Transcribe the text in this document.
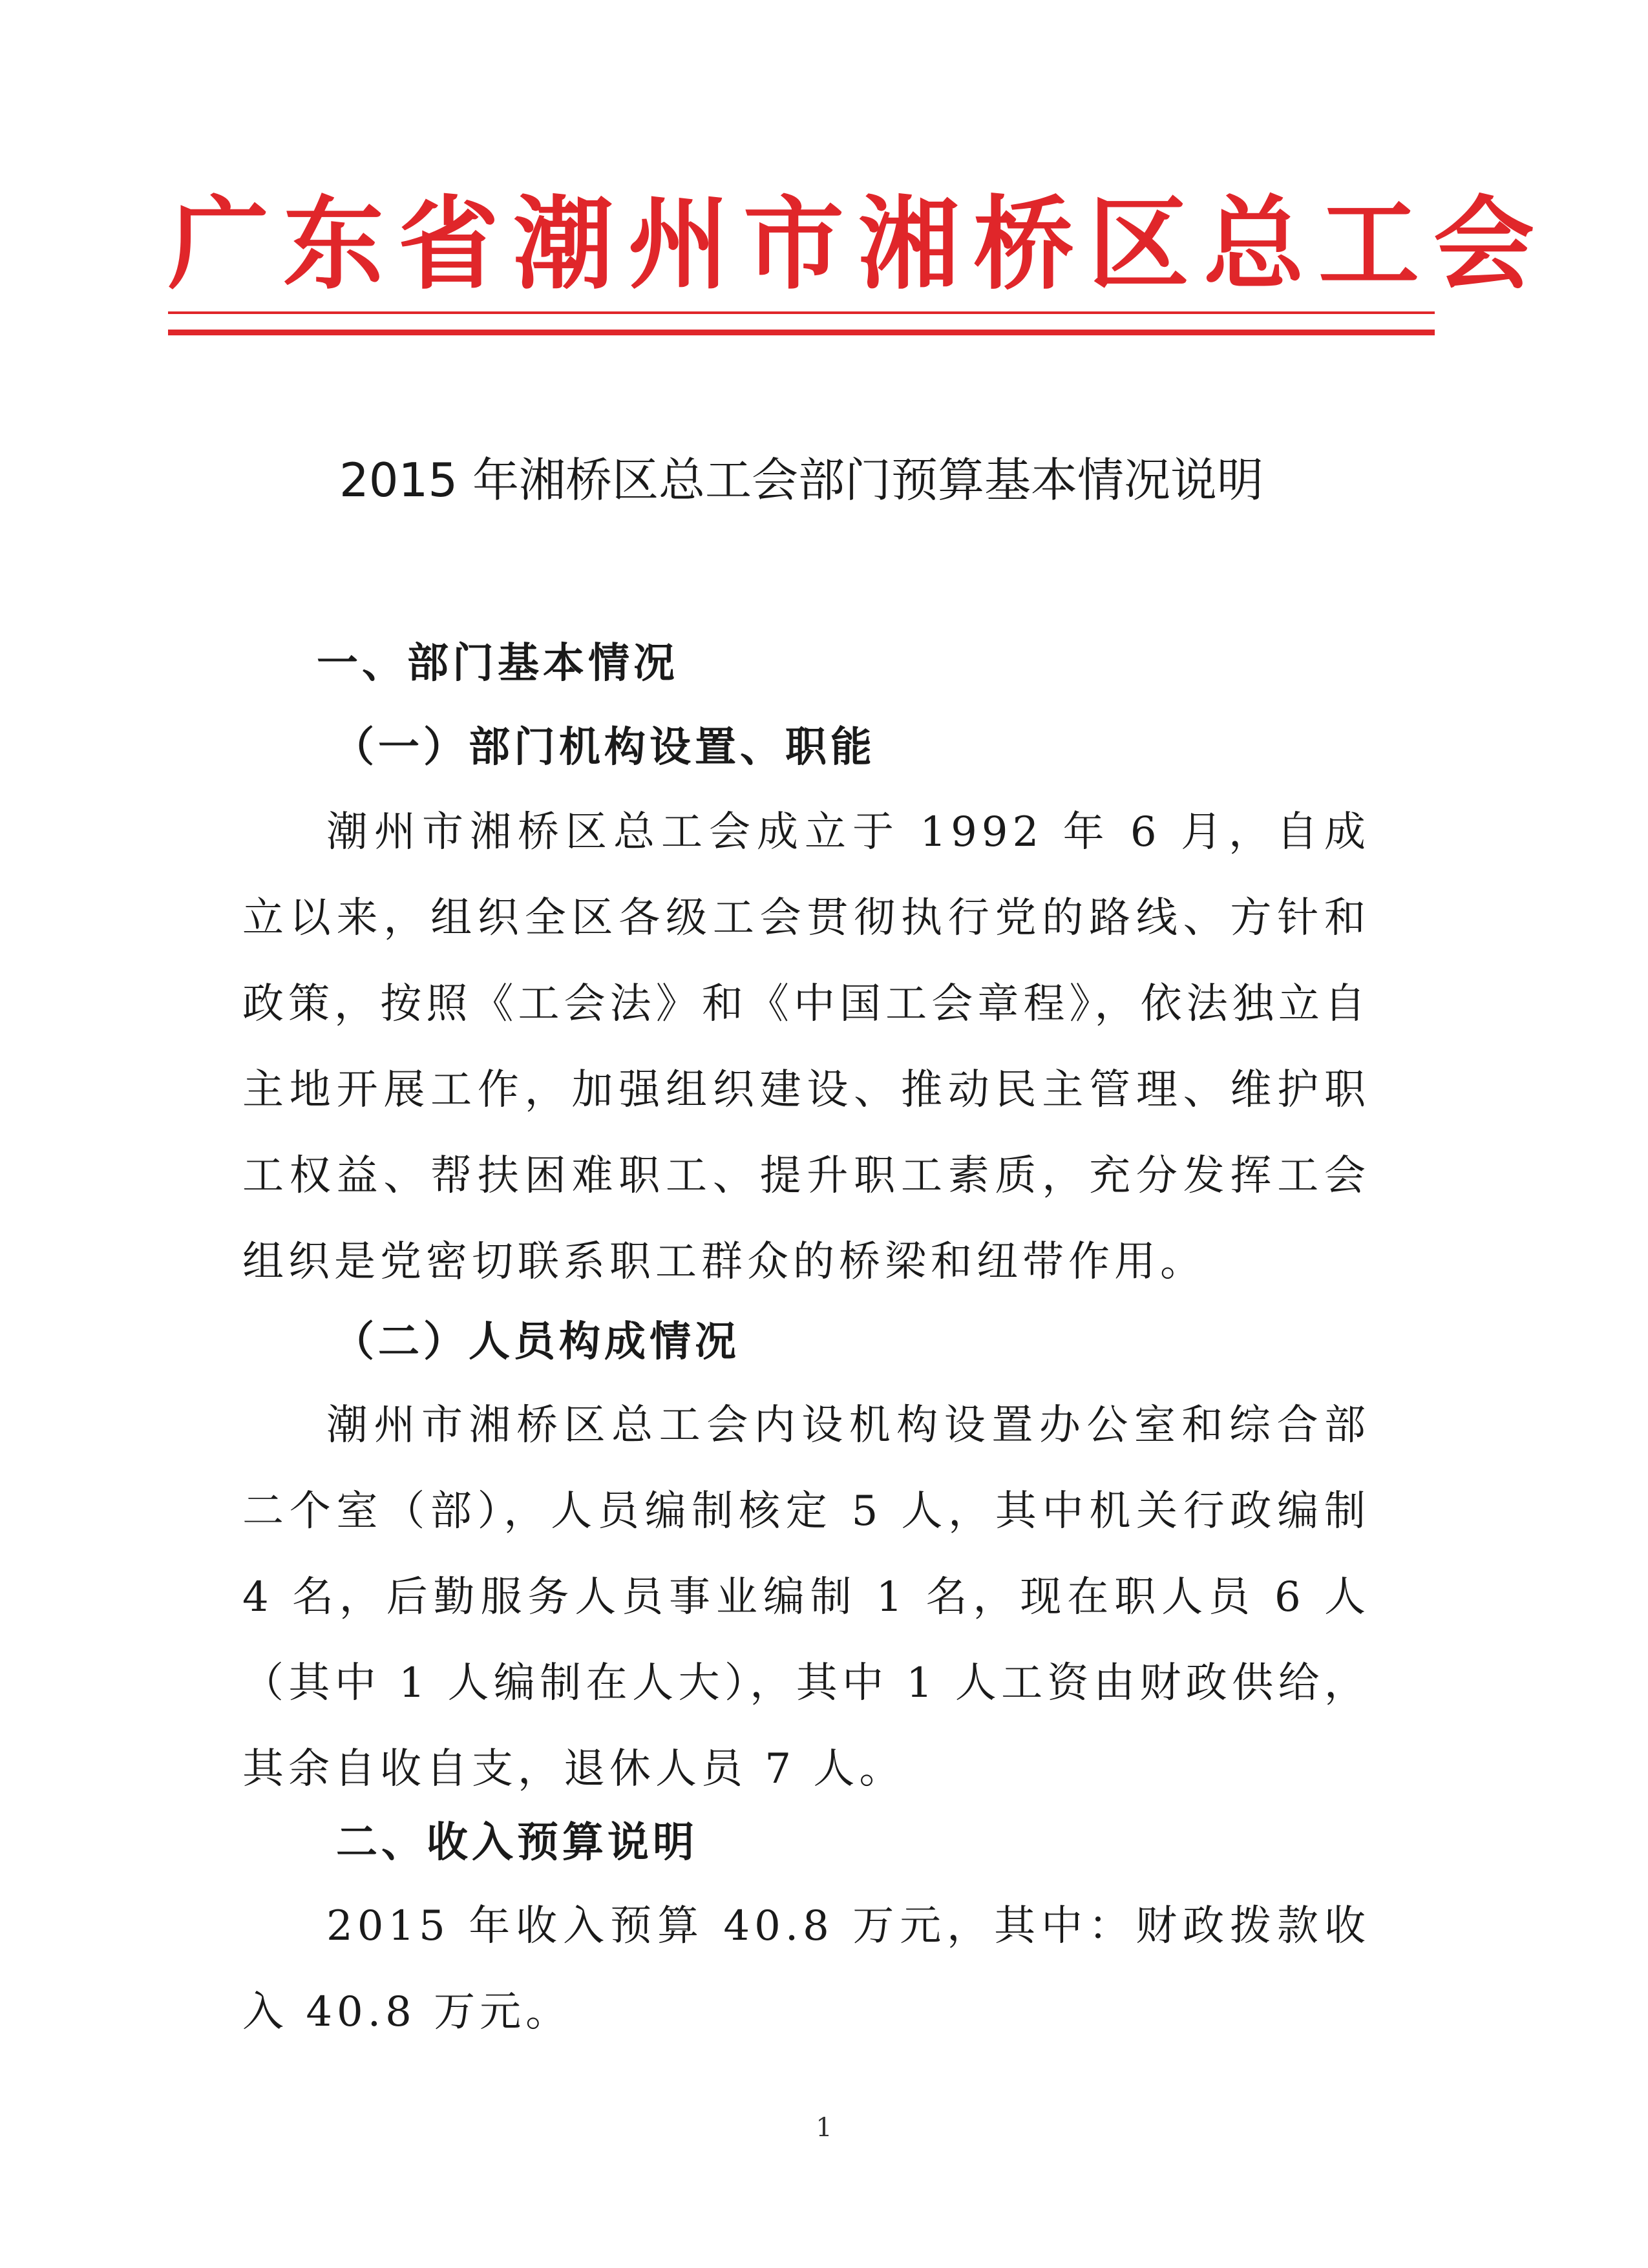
广东省潮州市湘桥区总工会
2015 年湘桥区总工会部门预算基本情况说明
一、部门基本情况
（一）部门机构设置、职能

潮州市湘桥区总工会成立于 1992 年 6 月，自成立以来，组织全区各级工会贯彻执行党的路线、方针和政策，按照《工会法》和《中国工会章程》，依法独立自主地开展工作，加强组织建设、推动民主管理、维护职工权益、帮扶困难职工、提升职工素质，充分发挥工会组织是党密切联系职工群众的桥梁和纽带作用。

（二）人员构成情况

潮州市湘桥区总工会内设机构设置办公室和综合部二个室（部），人员编制核定 5 人，其中机关行政编制 4 名，后勤服务人员事业编制 1 名，现在职人员 6 人（其中 1 人编制在人大），其中 1 人工资由财政供给，其余自收自支，退休人员 7 人。

二、收入预算说明

2015 年收入预算 40.8 万元，其中：财政拨款收入 40.8 万元。

1
